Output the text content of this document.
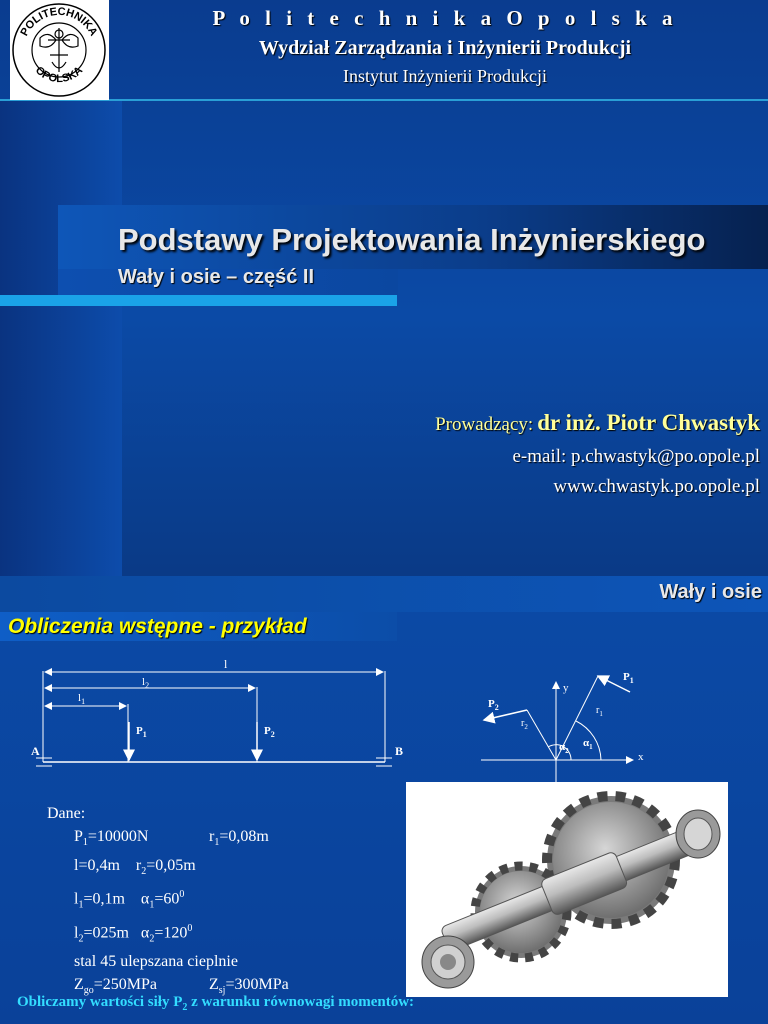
POLITECHNIKA
OPOLSKA
P o l i t e c h n i k a O p o l s k a
Wydział Zarządzania i Inżynierii Produkcji
Instytut Inżynierii Produkcji
Podstawy Projektowania Inżynierskiego
Wały i osie – część II
Prowadzący: dr inż. Piotr Chwastyk
e-mail: p.chwastyk@po.opole.pl
www.chwastyk.po.opole.pl
Wały i osie
Obliczenia wstępne - przykład
l
$l_2$
$l_1$
$P_1$	$P_2$
A	B
y
x
$P_1$
$P_2$	$r_1$
$r_2$
$\alpha_1$
$\alpha_2$
Dane:
$P_1=10000N$	$r_1=0,08m$
l=0,4m    $r_2=0,05m$
$l_1=0,1m$    $\alpha_1=60^0$
$l_2=025m$   $\alpha_2=120^0$
stal 45 ulepszana cieplnie
$Z_{go}=250MPa$	$Z_{sj}=300MPa$
Obliczamy wartości siły $P_2$ z warunku równowagi momentów:
